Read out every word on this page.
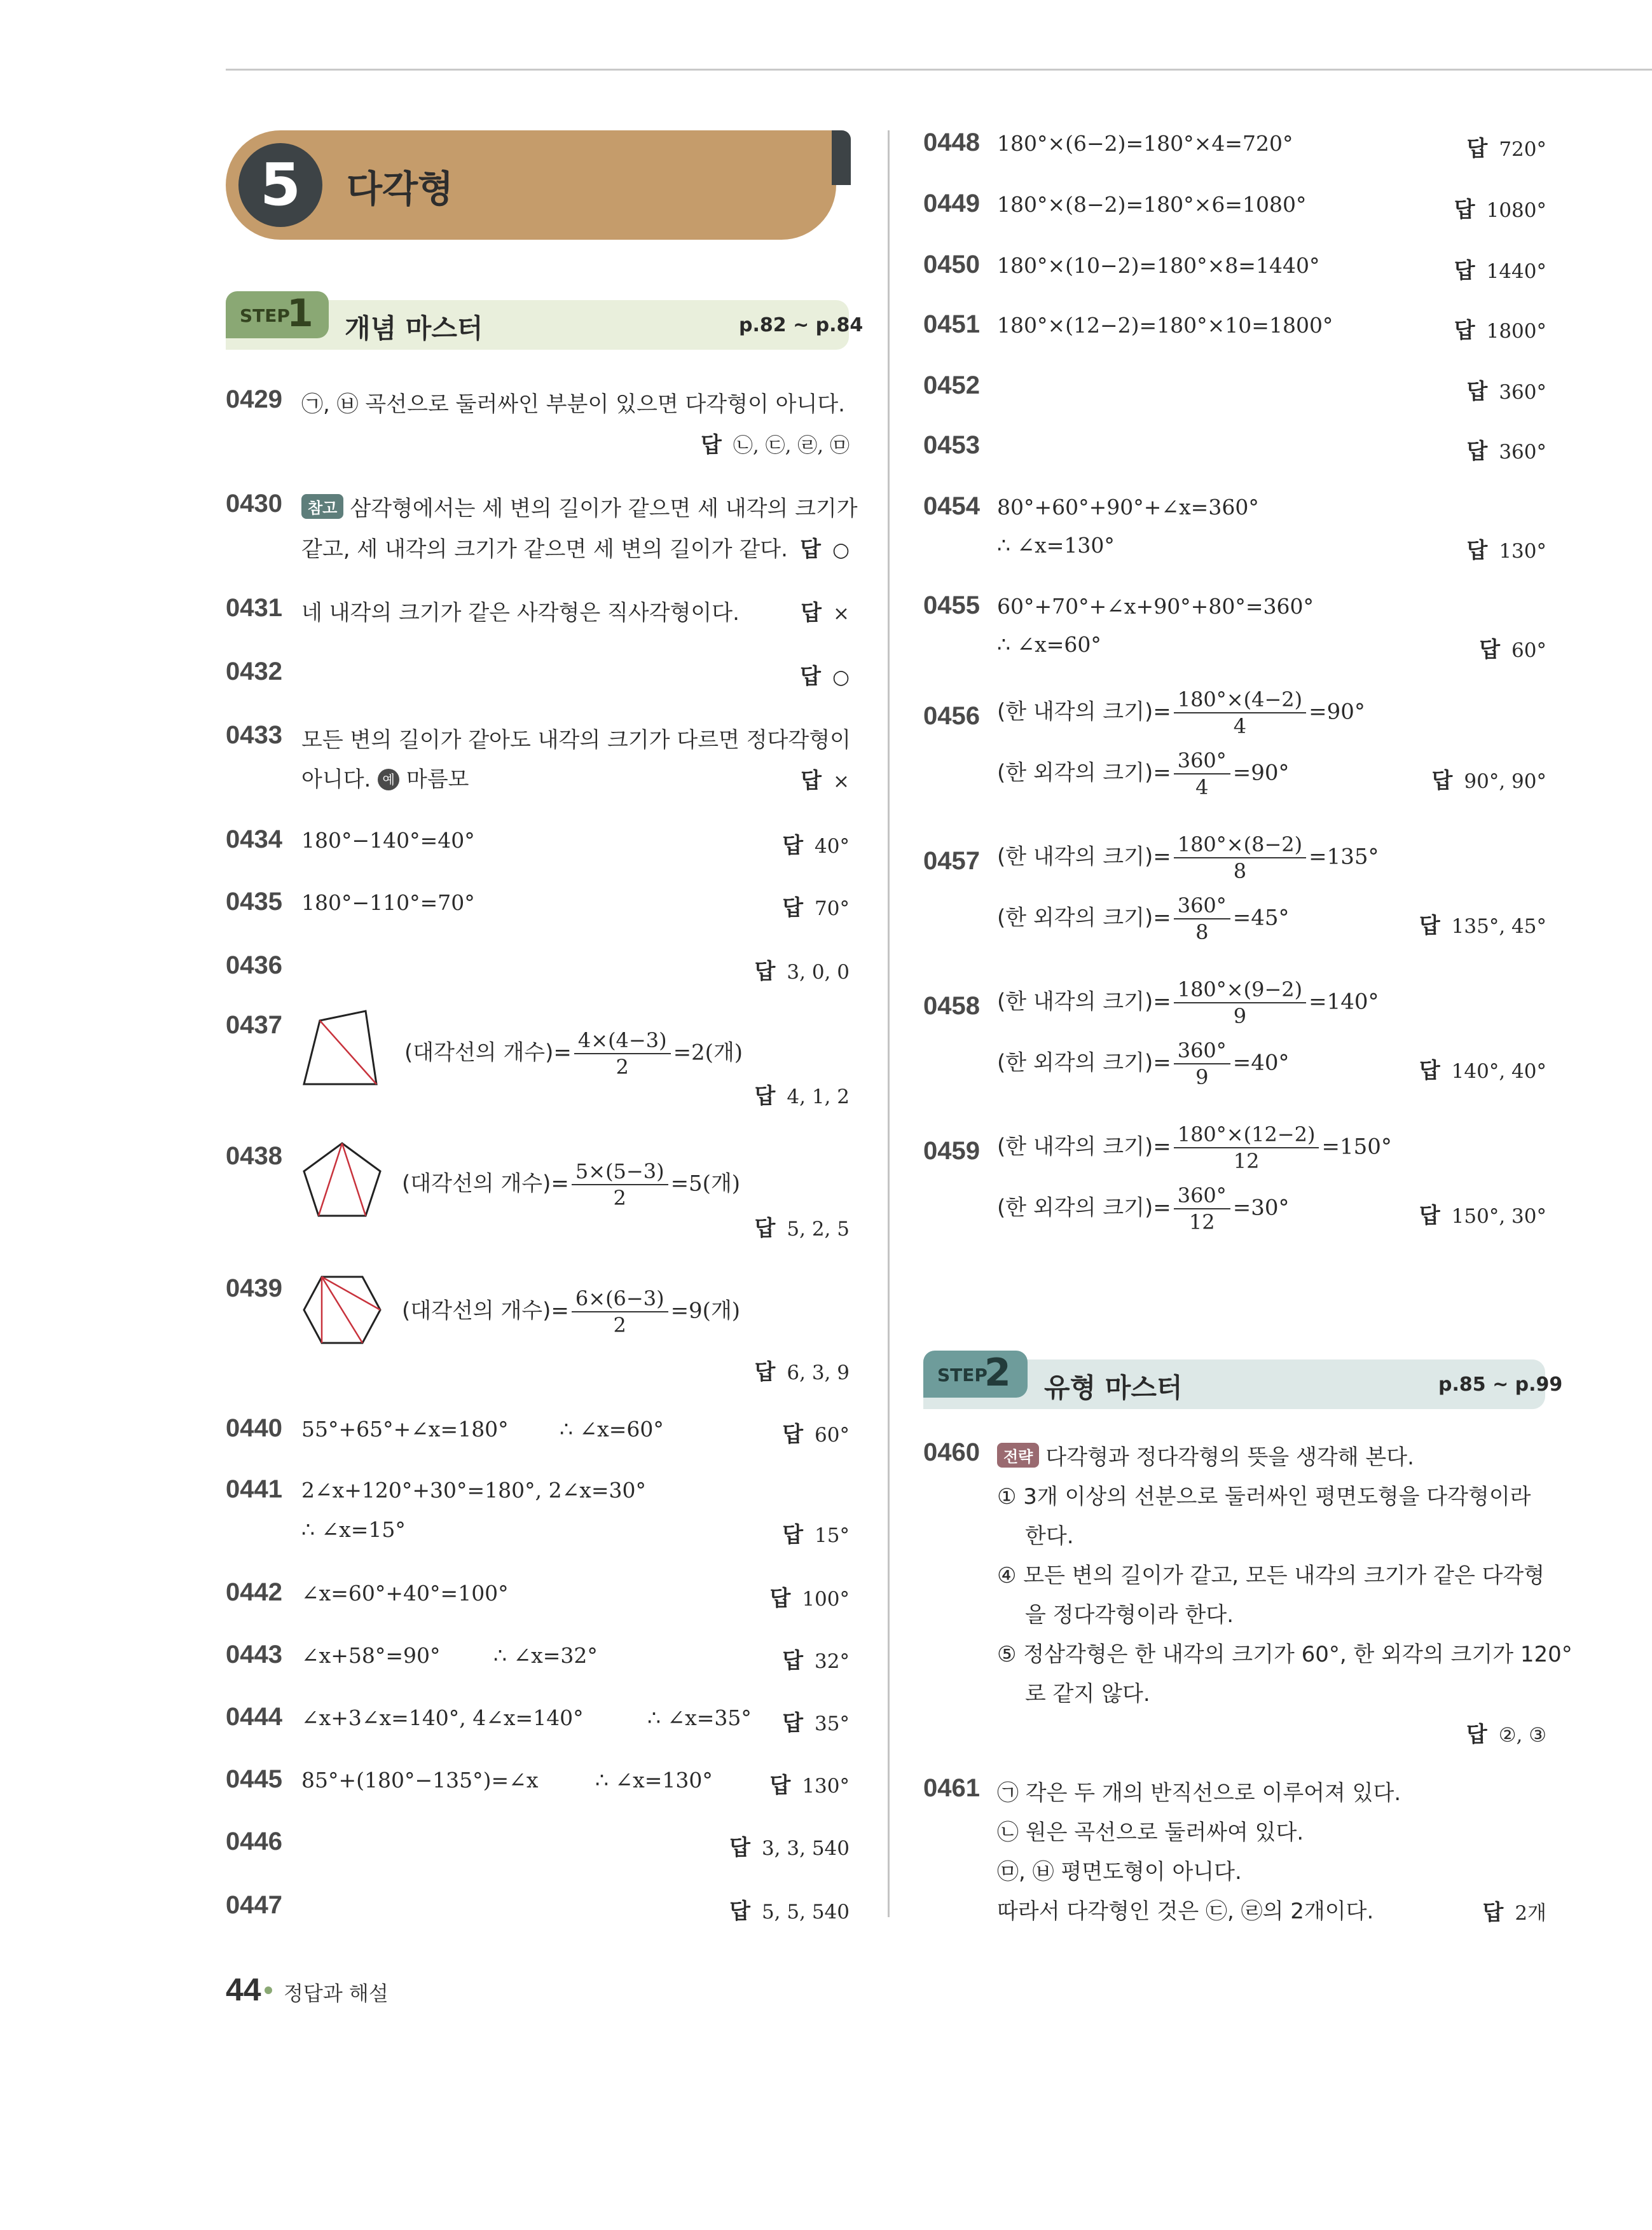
5	다각형
STEP
1 개념 마스터	p.82 ~ p.84
0429 ㉠, ㉥ 곡선으로 둘러싸인 부분이 있으면 다각형이 아니다.
답 ㉡, ㉢, ㉣, ㉤
0430	참고 삼각형에서는 세 변의 길이가 같으면 세 내각의 크기가
같고, 세 내각의 크기가 같으면 세 변의 길이가 같다. 답 ○
0431 네 내각의 크기가 같은 사각형은 직사각형이다.	답 ×
0432	답 ○
0433 모든 변의 길이가 같아도 내각의 크기가 다르면 정다각형이
아니다. 예 마름모	답 ×
0434 180°−140°=40°	답 40°
0435 180°−110°=70°	답 70°
0436	답 3, 0, 0
0437
(대각선의 개수)= $\frac{4\times(4-3)}{2} =2$(개)
답 4, 1, 2
0438
(대각선의 개수)= $\frac{5\times(5-3)}{2} =5$(개)
답 5, 2, 5
0439
(대각선의 개수)= $\frac{6\times(6-3)}{2} =9$(개)
답 6, 3, 9
0440 55°+65°+∠x=180° ∴ ∠x=60°	답 60°
0441 2∠x+120°+30°=180°, 2∠x=30°
∴ ∠x=15°	답 15°
0442 ∠x=60°+40°=100°	답 100°
0443 ∠x+58°=90°	∴ ∠x=32°	답 32°
0444 ∠x+3∠x=140°, 4∠x=140°	∴ ∠x=35° 답 35°
0445 85°+(180°−135°)=∠x	∴ ∠x=130°	답 130°
0446	답 3, 3, 540
0447	답 5, 5, 540
0448 180°×(6−2)=180°×4=720°	답 720°
0449 180°×(8−2)=180°×6=1080°	답 1080°
0450 180°×(10−2)=180°×8=1440°	답 1440°
0451 180°×(12−2)=180°×10=1800°	답 1800°
0452	답 360°
0453	답 360°
0454 80°+60°+90°+∠x=360°
∴ ∠x=130°	답 130°
0455 60°+70°+∠x+90°+80°=360°
∴ ∠x=60°	답 60°
0456 (한 내각의 크기)= $\frac{180^\circ\times(4-2)}{4} =90^\circ$
(한 외각의 크기)= $\frac{360^\circ}{4} =90^\circ$	답 90°, 90°
0457 (한 내각의 크기)= $\frac{180^\circ\times(8-2)}{8} =135^\circ$
(한 외각의 크기)= $\frac{360^\circ}{8} =45^\circ$	답 135°, 45°
0458 (한 내각의 크기)= $\frac{180^\circ\times(9-2)}{9} =140^\circ$
(한 외각의 크기)= $\frac{360^\circ}{9} =40^\circ$	답 140°, 40°
0459 (한 내각의 크기)= $\frac{180^\circ\times(12-2)}{12} =150^\circ$
(한 외각의 크기)= $\frac{360^\circ}{12} =30^\circ$	답 150°, 30°
STEP
2 유형 마스터	p.85 ~ p.99
0460	전략 다각형과 정다각형의 뜻을 생각해 본다.
① 3개 이상의 선분으로 둘러싸인 평면도형을 다각형이라
한다.
④ 모든 변의 길이가 같고, 모든 내각의 크기가 같은 다각형
을 정다각형이라 한다.
⑤ 정삼각형은 한 내각의 크기가 60°, 한 외각의 크기가 120°
로 같지 않다.
답 ②, ③
0461 ㉠ 각은 두 개의 반직선으로 이루어져 있다.
㉡ 원은 곡선으로 둘러싸여 있다.
㉤, ㉥ 평면도형이 아니다.
따라서 다각형인 것은 ㉢, ㉣의 2개이다.	답 2개
44 정답과 해설
